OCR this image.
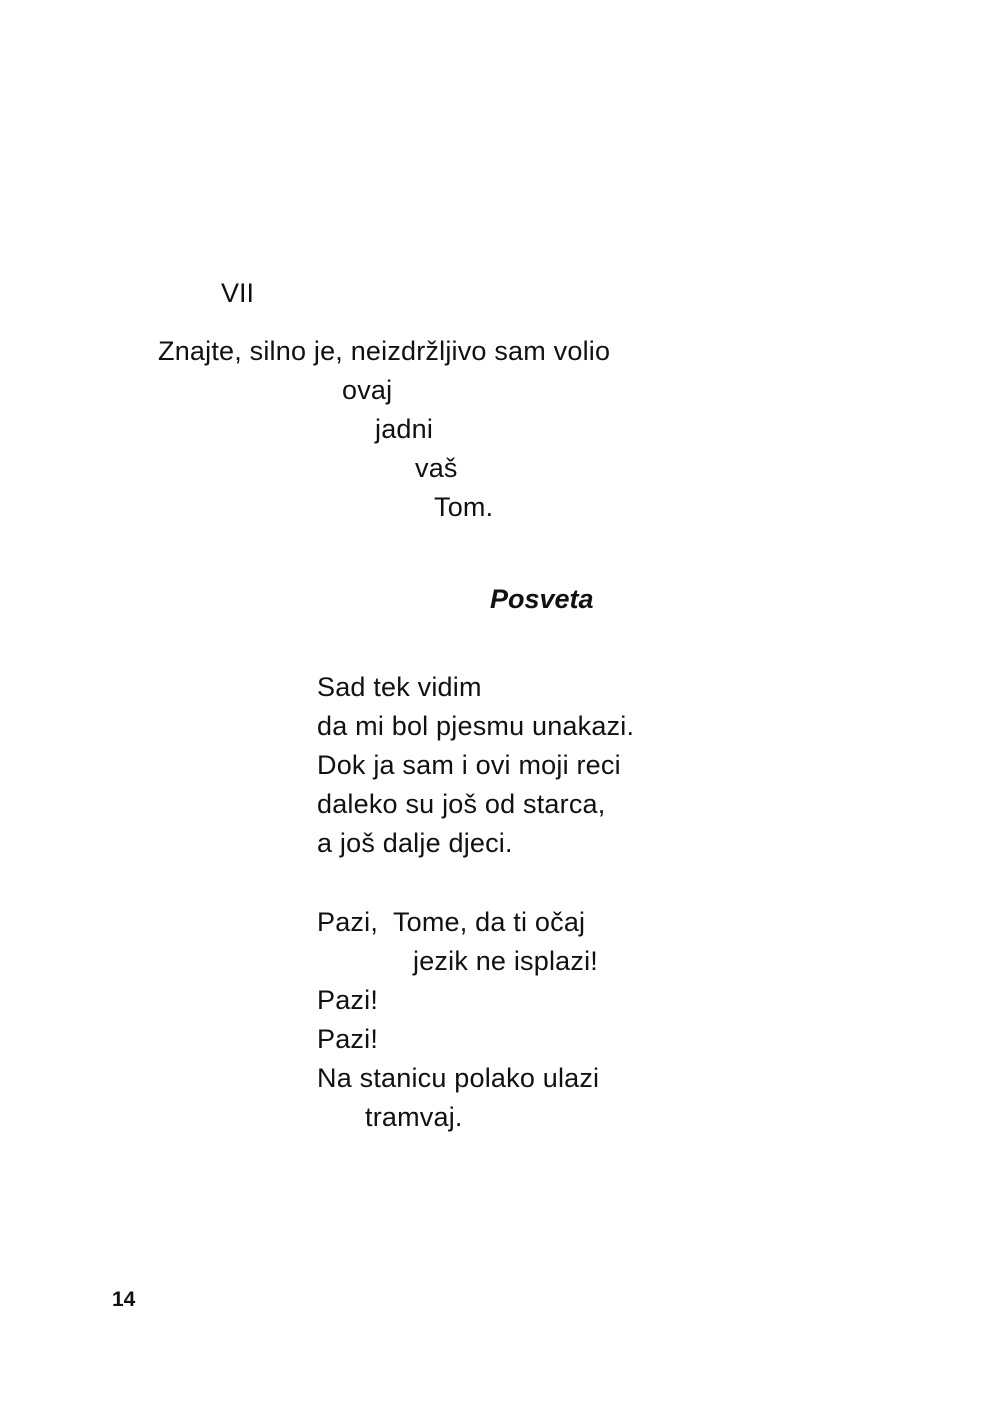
VII
Znajte, silno je, neizdržljivo sam volio
ovaj
jadni
vaš
Tom.
Posveta
Sad tek vidim
da mi bol pjesmu unakazi.
Dok ja sam i ovi moji reci
daleko su još od starca,
a još dalje djeci.
Pazi,  Tome, da ti očaj
jezik ne isplazi!
Pazi!
Pazi!
Na stanicu polako ulazi
tramvaj.
14
